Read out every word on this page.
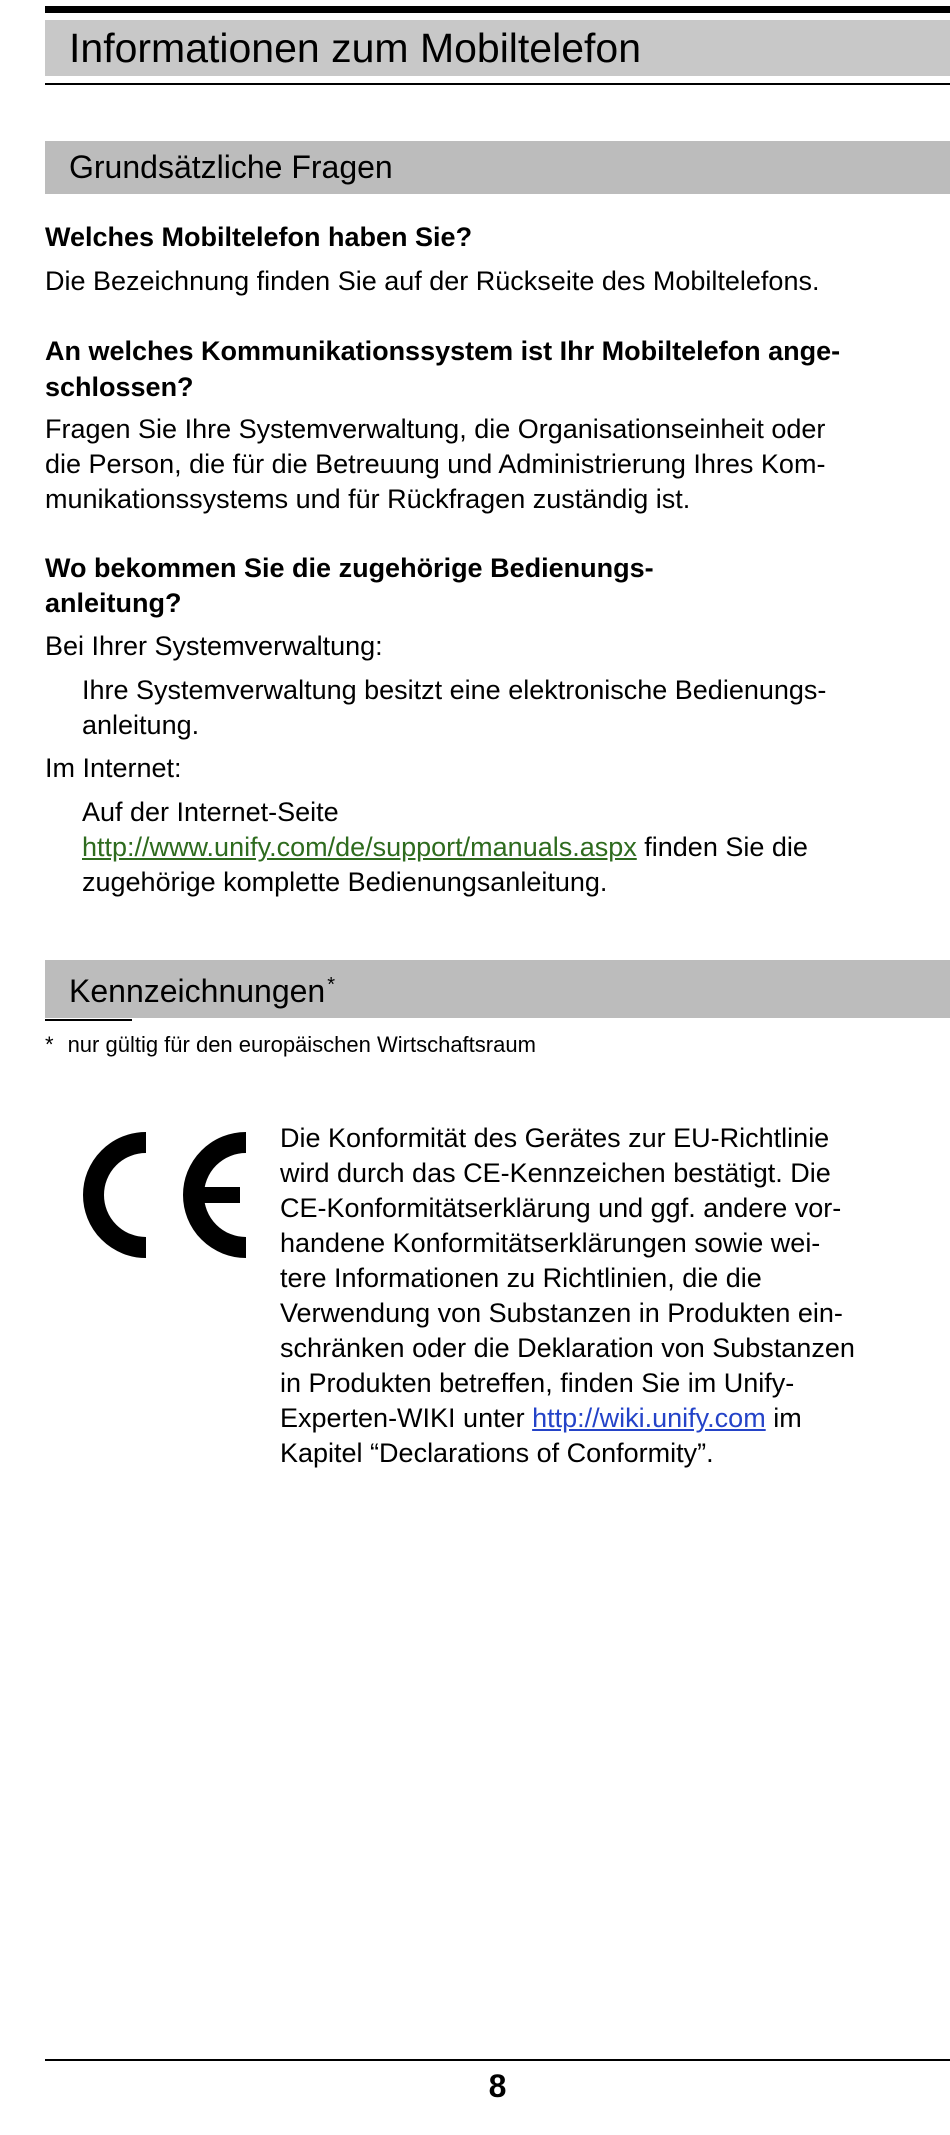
Informationen zum Mobiltelefon
Grundsätzliche Fragen

Welches Mobiltelefon haben Sie?

Die Bezeichnung finden Sie auf der Rückseite des Mobiltelefons.

An welches Kommunikationssystem ist Ihr Mobiltelefon ange-

schlossen?

Fragen Sie Ihre Systemverwaltung, die Organisationseinheit oder

die Person, die für die Betreuung und Administrierung Ihres Kom-

munikationssystems und für Rückfragen zuständig ist.

Wo bekommen Sie die zugehörige Bedienungs-

anleitung?

Bei Ihrer Systemverwaltung:

Ihre Systemverwaltung besitzt eine elektronische Bedienungs-

anleitung.

Im Internet:

Auf der Internet-Seite

http://www.unify.com/de/support/manuals.aspx finden Sie die

zugehörige komplette Bedienungsanleitung.

Kennzeichnungen *

* nur gültig für den europäischen Wirtschaftsraum

Die Konformität des Gerätes zur EU-Richtlinie
wird durch das CE-Kennzeichen bestätigt. Die
CE-Konformitätserklärung und ggf. andere vor-
handene Konformitätserklärungen sowie wei-
tere Informationen zu Richtlinien, die die
Verwendung von Substanzen in Produkten ein-
schränken oder die Deklaration von Substanzen
in Produkten betreffen, finden Sie im Unify-
Experten-WIKI unter http://wiki.unify.com im
Kapitel “Declarations of Conformity”.

8
